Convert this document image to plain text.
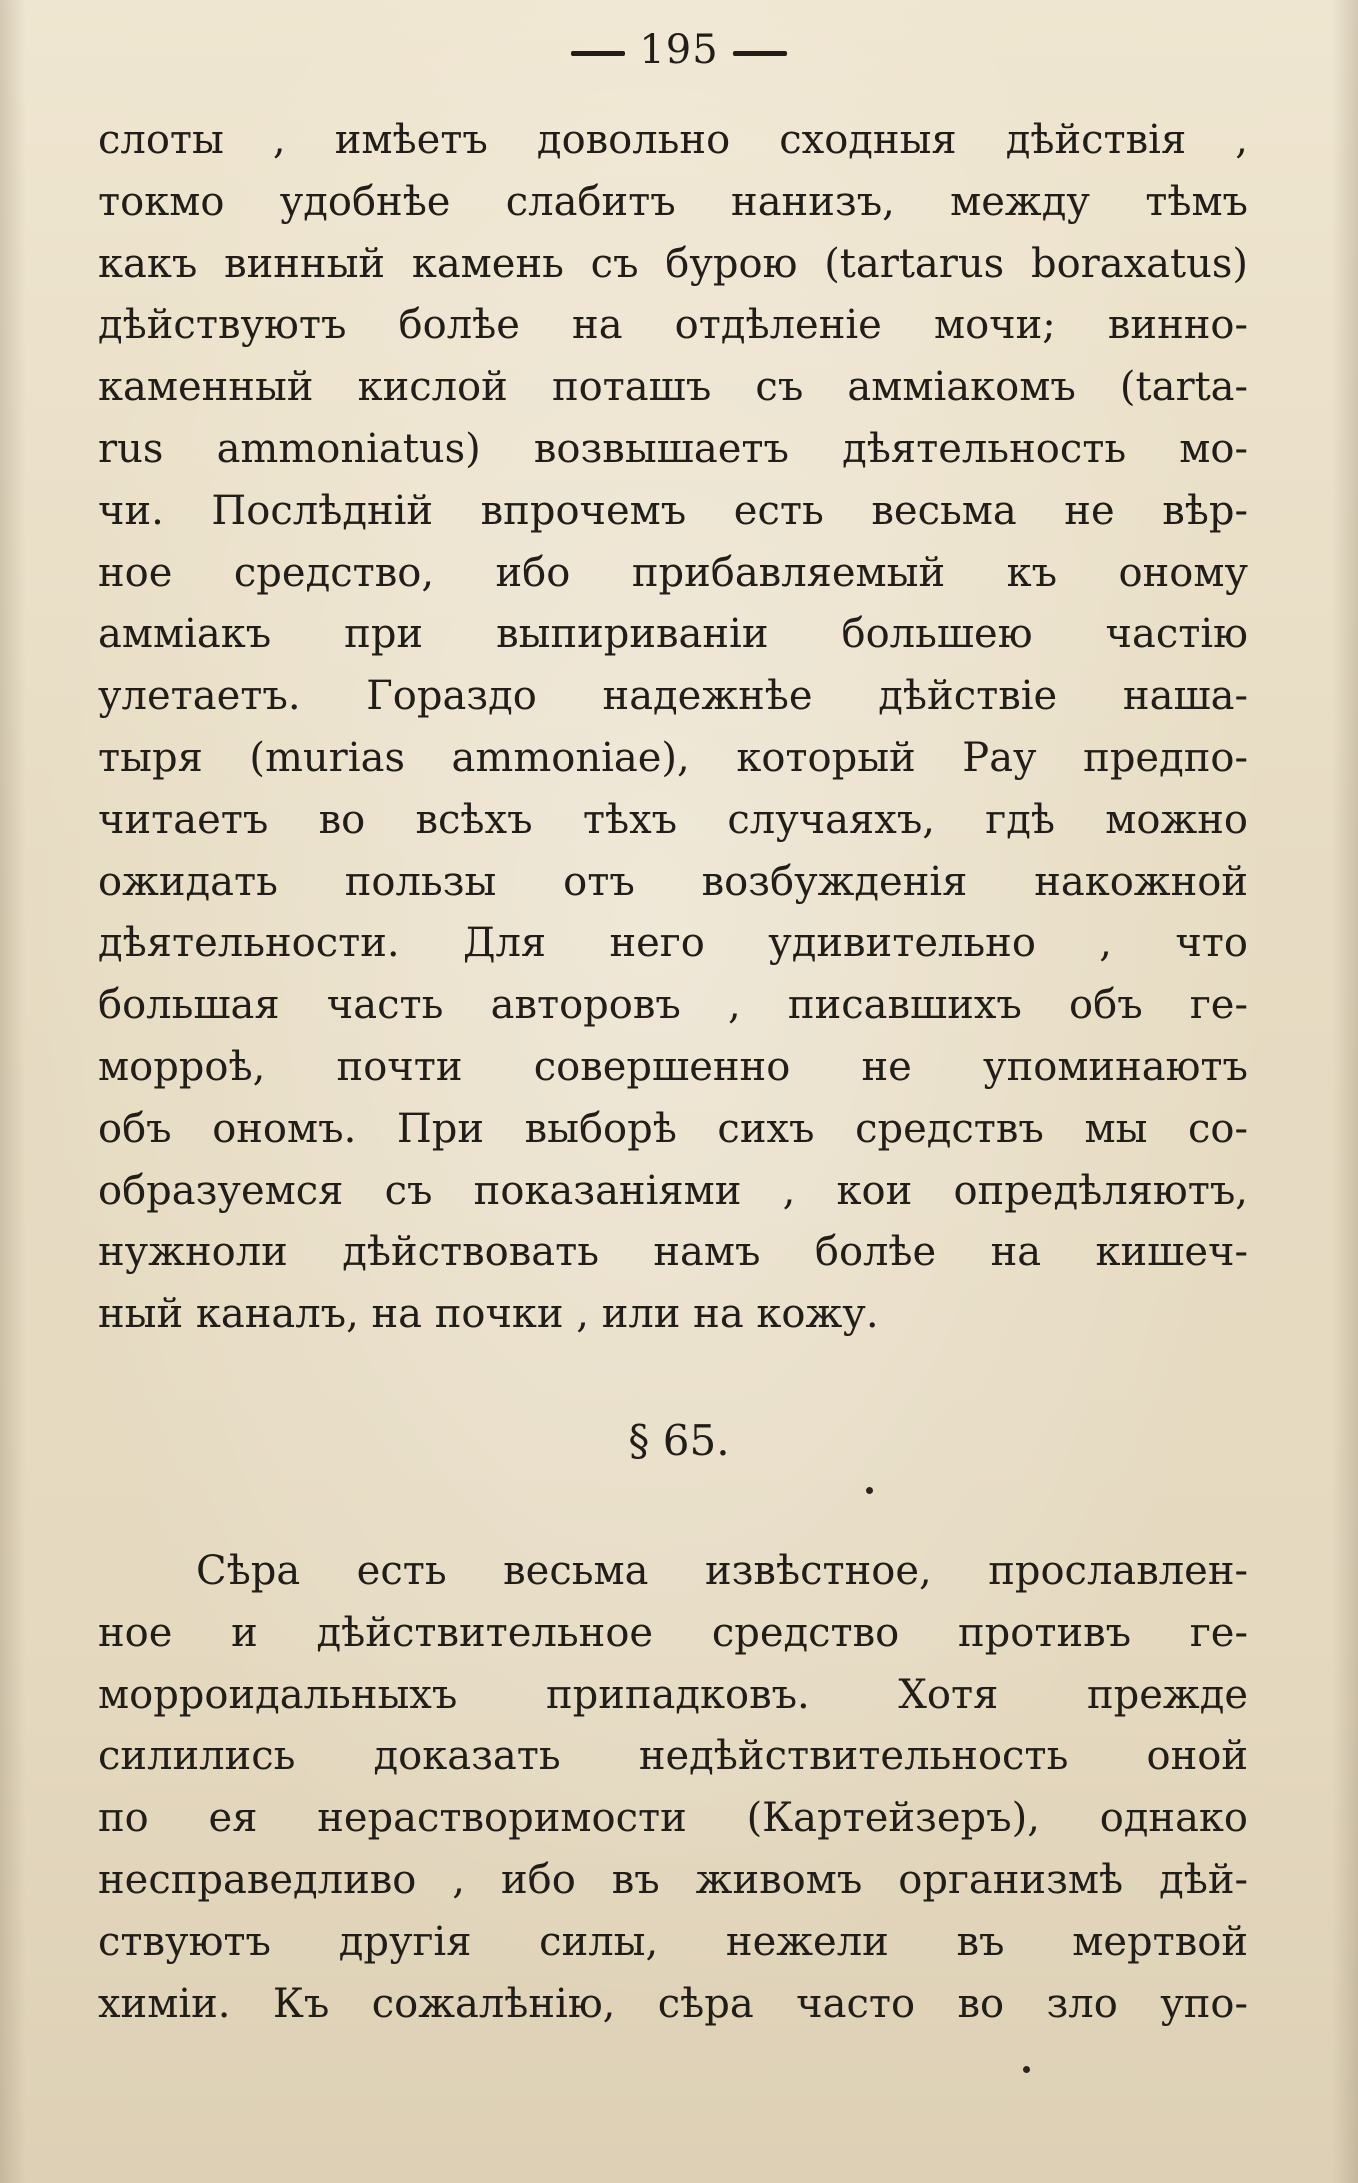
195
слоты , имѣетъ довольно сходныя дѣйствія ,
токмо удобнѣе слабитъ нанизъ, между тѣмъ
какъ винный камень съ бурою (tartarus boraxatus)
дѣйствуютъ болѣе на отдѣленіе мочи; винно-
каменный кислой поташъ съ аммiакомъ (tarta-
rus ammoniatus) возвышаетъ дѣятельность мо-
чи. Послѣдній впрочемъ есть весьма не вѣр-
ное средство, ибо прибавляемый къ оному
аммiакъ при выпириваніи большею частiю
улетаетъ. Гораздо надежнѣе дѣйствіе наша-
тыря (murias ammoniae), который Рау предпо-
читаетъ во всѣхъ тѣхъ случаяхъ, гдѣ можно
ожидать пользы отъ возбужденія накожной
дѣятельности. Для него удивительно , что
большая часть авторовъ , писавшихъ объ ге-
морроѣ, почти совершенно не упоминаютъ
объ ономъ. При выборѣ сихъ средствъ мы со-
образуемся съ показаніями , кои опредѣляютъ,
нужноли дѣйствовать намъ болѣе на кишеч-
ный каналъ, на почки , или на кожу.
§ 65.
Сѣра есть весьма извѣстное, прославлен-
ное и дѣйствительное средство противъ ге-
морроидальныхъ припадковъ. Хотя прежде
силились доказать недѣйствительность оной
по ея нерастворимости (Картейзеръ), однако
несправедливо , ибо въ живомъ организмѣ дѣй-
ствуютъ другія силы, нежели въ мертвой
химіи. Къ сожалѣнію, сѣра часто во зло упо-
